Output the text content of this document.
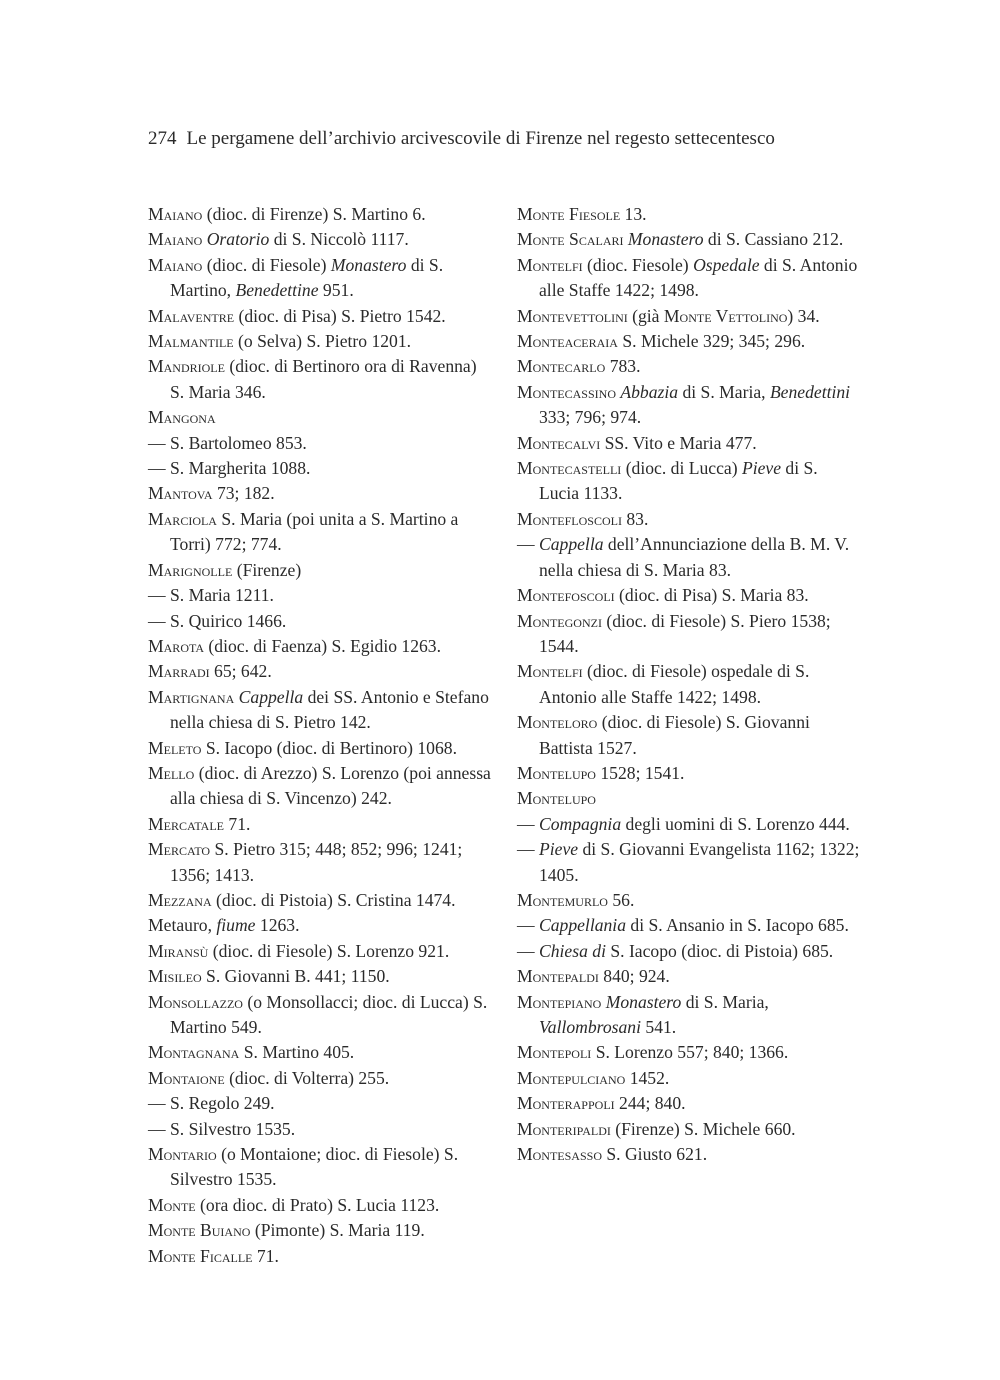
274 Le pergamene dell’archivio arcivescovile di Firenze nel regesto settecentesco
Maiano (dioc. di Firenze) S. Martino 6.
Maiano Oratorio di S. Niccolò 1117.
Maiano (dioc. di Fiesole) Monastero di S. Martino, Benedettine 951.
Malaventre (dioc. di Pisa) S. Pietro 1542.
Malmantile (o Selva) S. Pietro 1201.
Mandriole (dioc. di Bertinoro ora di Ravenna) S. Maria 346.
Mangona
— S. Bartolomeo 853.
— S. Margherita 1088.
Mantova 73; 182.
Marciola S. Maria (poi unita a S. Martino a Torri) 772; 774.
Marignolle (Firenze)
— S. Maria 1211.
— S. Quirico 1466.
Marota (dioc. di Faenza) S. Egidio 1263.
Marradi 65; 642.
Martignana Cappella dei SS. Antonio e Stefano nella chiesa di S. Pietro 142.
Meleto S. Iacopo (dioc. di Bertinoro) 1068.
Mello (dioc. di Arezzo) S. Lorenzo (poi annessa alla chiesa di S. Vincenzo) 242.
Mercatale 71.
Mercato S. Pietro 315; 448; 852; 996; 1241; 1356; 1413.
Mezzana (dioc. di Pistoia) S. Cristina 1474.
Metauro, fiume 1263.
Miransù (dioc. di Fiesole) S. Lorenzo 921.
Misileo S. Giovanni B. 441; 1150.
Monsollazzo (o Monsollacci; dioc. di Lucca) S. Martino 549.
Montagnana S. Martino 405.
Montaione (dioc. di Volterra) 255.
— S. Regolo 249.
— S. Silvestro 1535.
Montario (o Montaione; dioc. di Fiesole) S. Silvestro 1535.
Monte (ora dioc. di Prato) S. Lucia 1123.
Monte Buiano (Pimonte) S. Maria 119.
Monte Ficalle 71.
Monte Fiesole 13.
Monte Scalari Monastero di S. Cassiano 212.
Montelfi (dioc. Fiesole) Ospedale di S. Antonio alle Staffe 1422; 1498.
Montevettolini (già Monte Vettolino) 34.
Monteaceraia S. Michele 329; 345; 296.
Montecarlo 783.
Montecassino Abbazia di S. Maria, Benedettini 333; 796; 974.
Montecalvi SS. Vito e Maria 477.
Montecastelli (dioc. di Lucca) Pieve di S. Lucia 1133.
Montefloscoli 83.
— Cappella dell’Annunciazione della B. M. V. nella chiesa di S. Maria 83.
Montefoscoli (dioc. di Pisa) S. Maria 83.
Montegonzi (dioc. di Fiesole) S. Piero 1538; 1544.
Montelfi (dioc. di Fiesole) ospedale di S. Antonio alle Staffe 1422; 1498.
Monteloro (dioc. di Fiesole) S. Giovanni Battista 1527.
Montelupo 1528; 1541.
Montelupo
— Compagnia degli uomini di S. Lorenzo 444.
— Pieve di S. Giovanni Evangelista 1162; 1322; 1405.
Montemurlo 56.
— Cappellania di S. Ansanio in S. Iacopo 685.
— Chiesa di S. Iacopo (dioc. di Pistoia) 685.
Montepaldi 840; 924.
Montepiano Monastero di S. Maria, Vallombrosani 541.
Montepoli S. Lorenzo 557; 840; 1366.
Montepulciano 1452.
Monterappoli 244; 840.
Monteripaldi (Firenze) S. Michele 660.
Montesasso S. Giusto 621.
